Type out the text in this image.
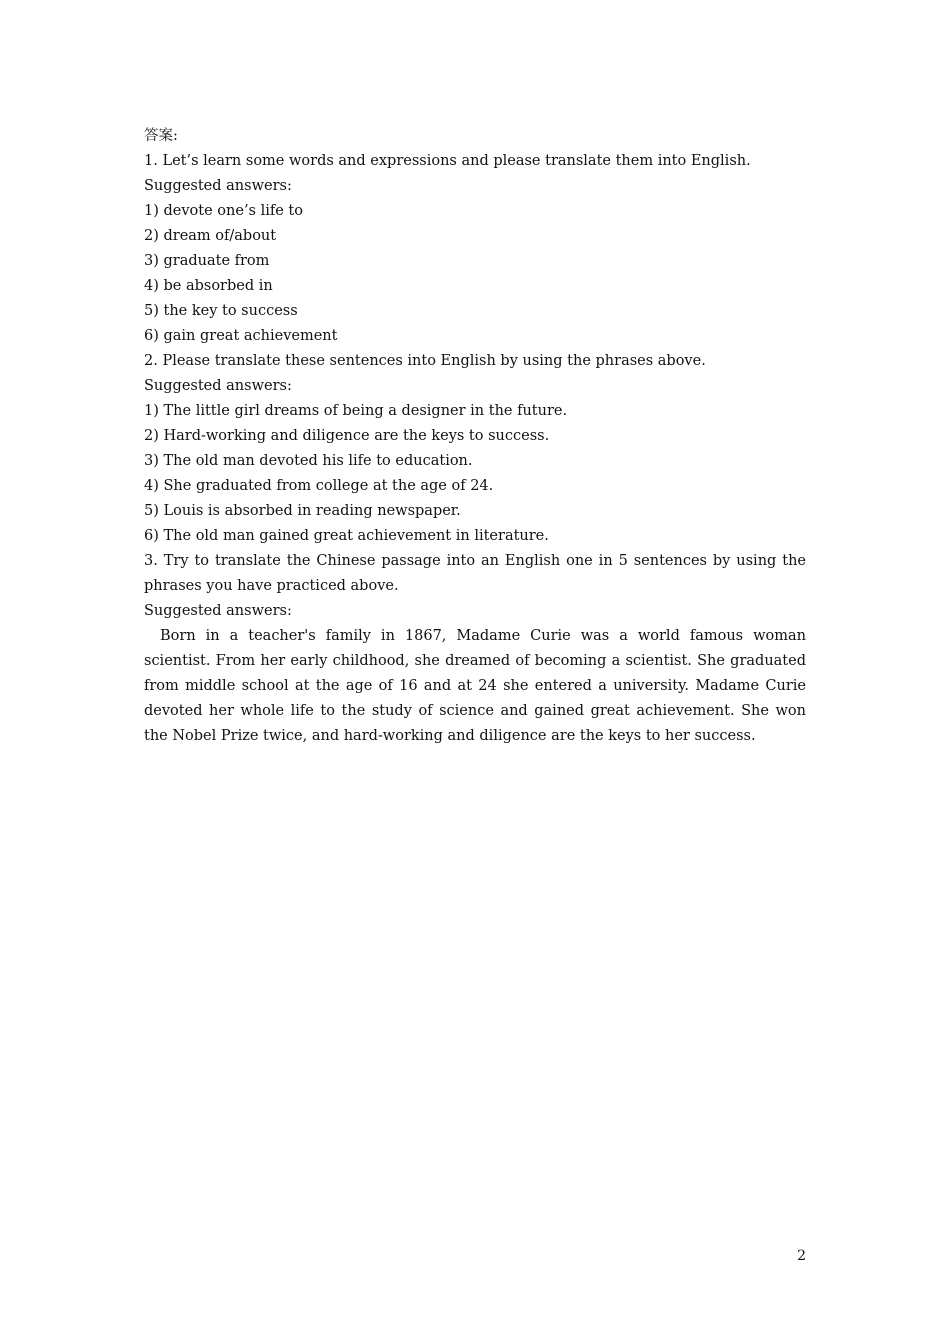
答案:
1. Let’s learn some words and expressions and please translate them into English.
Suggested answers:
1) devote one’s life to
2) dream of/about
3) graduate from
4) be absorbed in
5) the key to success
6) gain great achievement
2. Please translate these sentences into English by using the phrases above.
Suggested answers:
1) The little girl dreams of being a designer in the future.
2) Hard-working and diligence are the keys to success.
3) The old man devoted his life to education.
4) She graduated from college at the age of 24.
5) Louis is absorbed in reading newspaper.
6) The old man gained great achievement in literature.
3. Try to translate the Chinese passage into an English one in 5 sentences by using the phrases you have practiced above.
Suggested answers:
Born in a teacher's family in 1867, Madame Curie was a world famous woman scientist. From her early childhood, she dreamed of becoming a scientist. She graduated from middle school at the age of 16 and at 24 she entered a university. Madame Curie devoted her whole life to the study of science and gained great achievement. She won the Nobel Prize twice, and hard-working and diligence are the keys to her success.
2
